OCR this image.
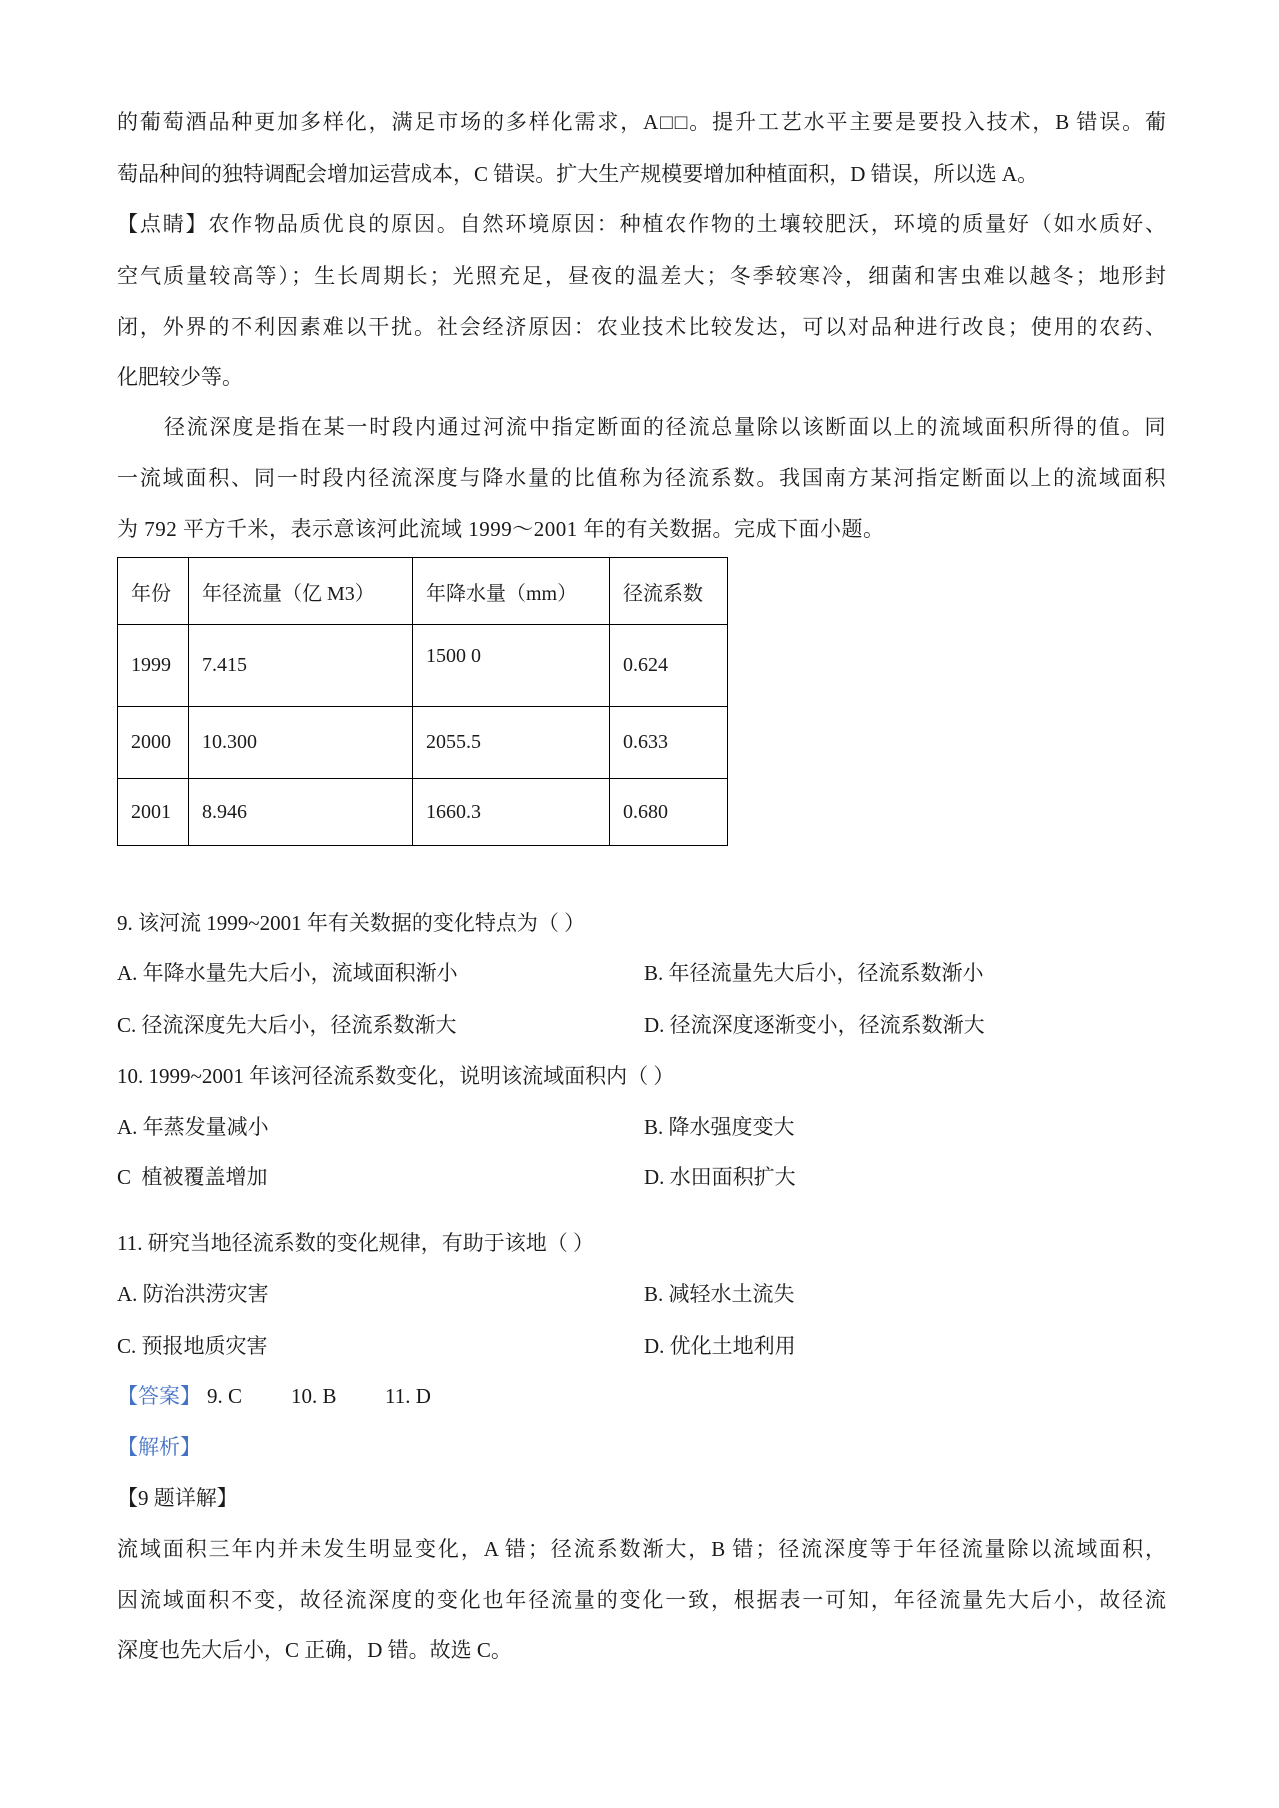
的葡萄酒品种更加多样化，满足市场的多样化需求，A□□。提升工艺水平主要是要投入技术，B 错误。葡
萄品种间的独特调配会增加运营成本，C 错误。扩大生产规模要增加种植面积，D 错误，所以选 A。
【点睛】农作物品质优良的原因。自然环境原因：种植农作物的土壤较肥沃，环境的质量好（如水质好、
空气质量较高等）；生长周期长；光照充足，昼夜的温差大；冬季较寒冷，细菌和害虫难以越冬；地形封
闭，外界的不利因素难以干扰。社会经济原因：农业技术比较发达，可以对品种进行改良；使用的农药、
化肥较少等。
径流深度是指在某一时段内通过河流中指定断面的径流总量除以该断面以上的流域面积所得的值。同
一流域面积、同一时段内径流深度与降水量的比值称为径流系数。我国南方某河指定断面以上的流域面积
为 792 平方千米，表示意该河此流域 1999～2001 年的有关数据。完成下面小题。
年份	年径流量（亿 M3）	年降水量（mm）	径流系数
1999	7.415	1500 0	0.624
2000	10.300	2055.5	0.633
2001	8.946	1660.3	0.680
9. 该河流 1999~2001 年有关数据的变化特点为（ ）
A. 年降水量先大后小，流域面积渐小	B. 年径流量先大后小，径流系数渐小
C. 径流深度先大后小，径流系数渐大	D. 径流深度逐渐变小，径流系数渐大
10. 1999~2001 年该河径流系数变化，说明该流域面积内（ ）
A. 年蒸发量减小	B. 降水强度变大
C  植被覆盖增加	D. 水田面积扩大
11. 研究当地径流系数的变化规律，有助于该地（ ）
A. 防治洪涝灾害	B. 减轻水土流失
C. 预报地质灾害	D. 优化土地利用
【答案】 9. C 10. B 11. D
【解析】
【9 题详解】
流域面积三年内并未发生明显变化，A 错；径流系数渐大，B 错；径流深度等于年径流量除以流域面积，
因流域面积不变，故径流深度的变化也年径流量的变化一致，根据表一可知，年径流量先大后小，故径流
深度也先大后小，C 正确，D 错。故选 C。
